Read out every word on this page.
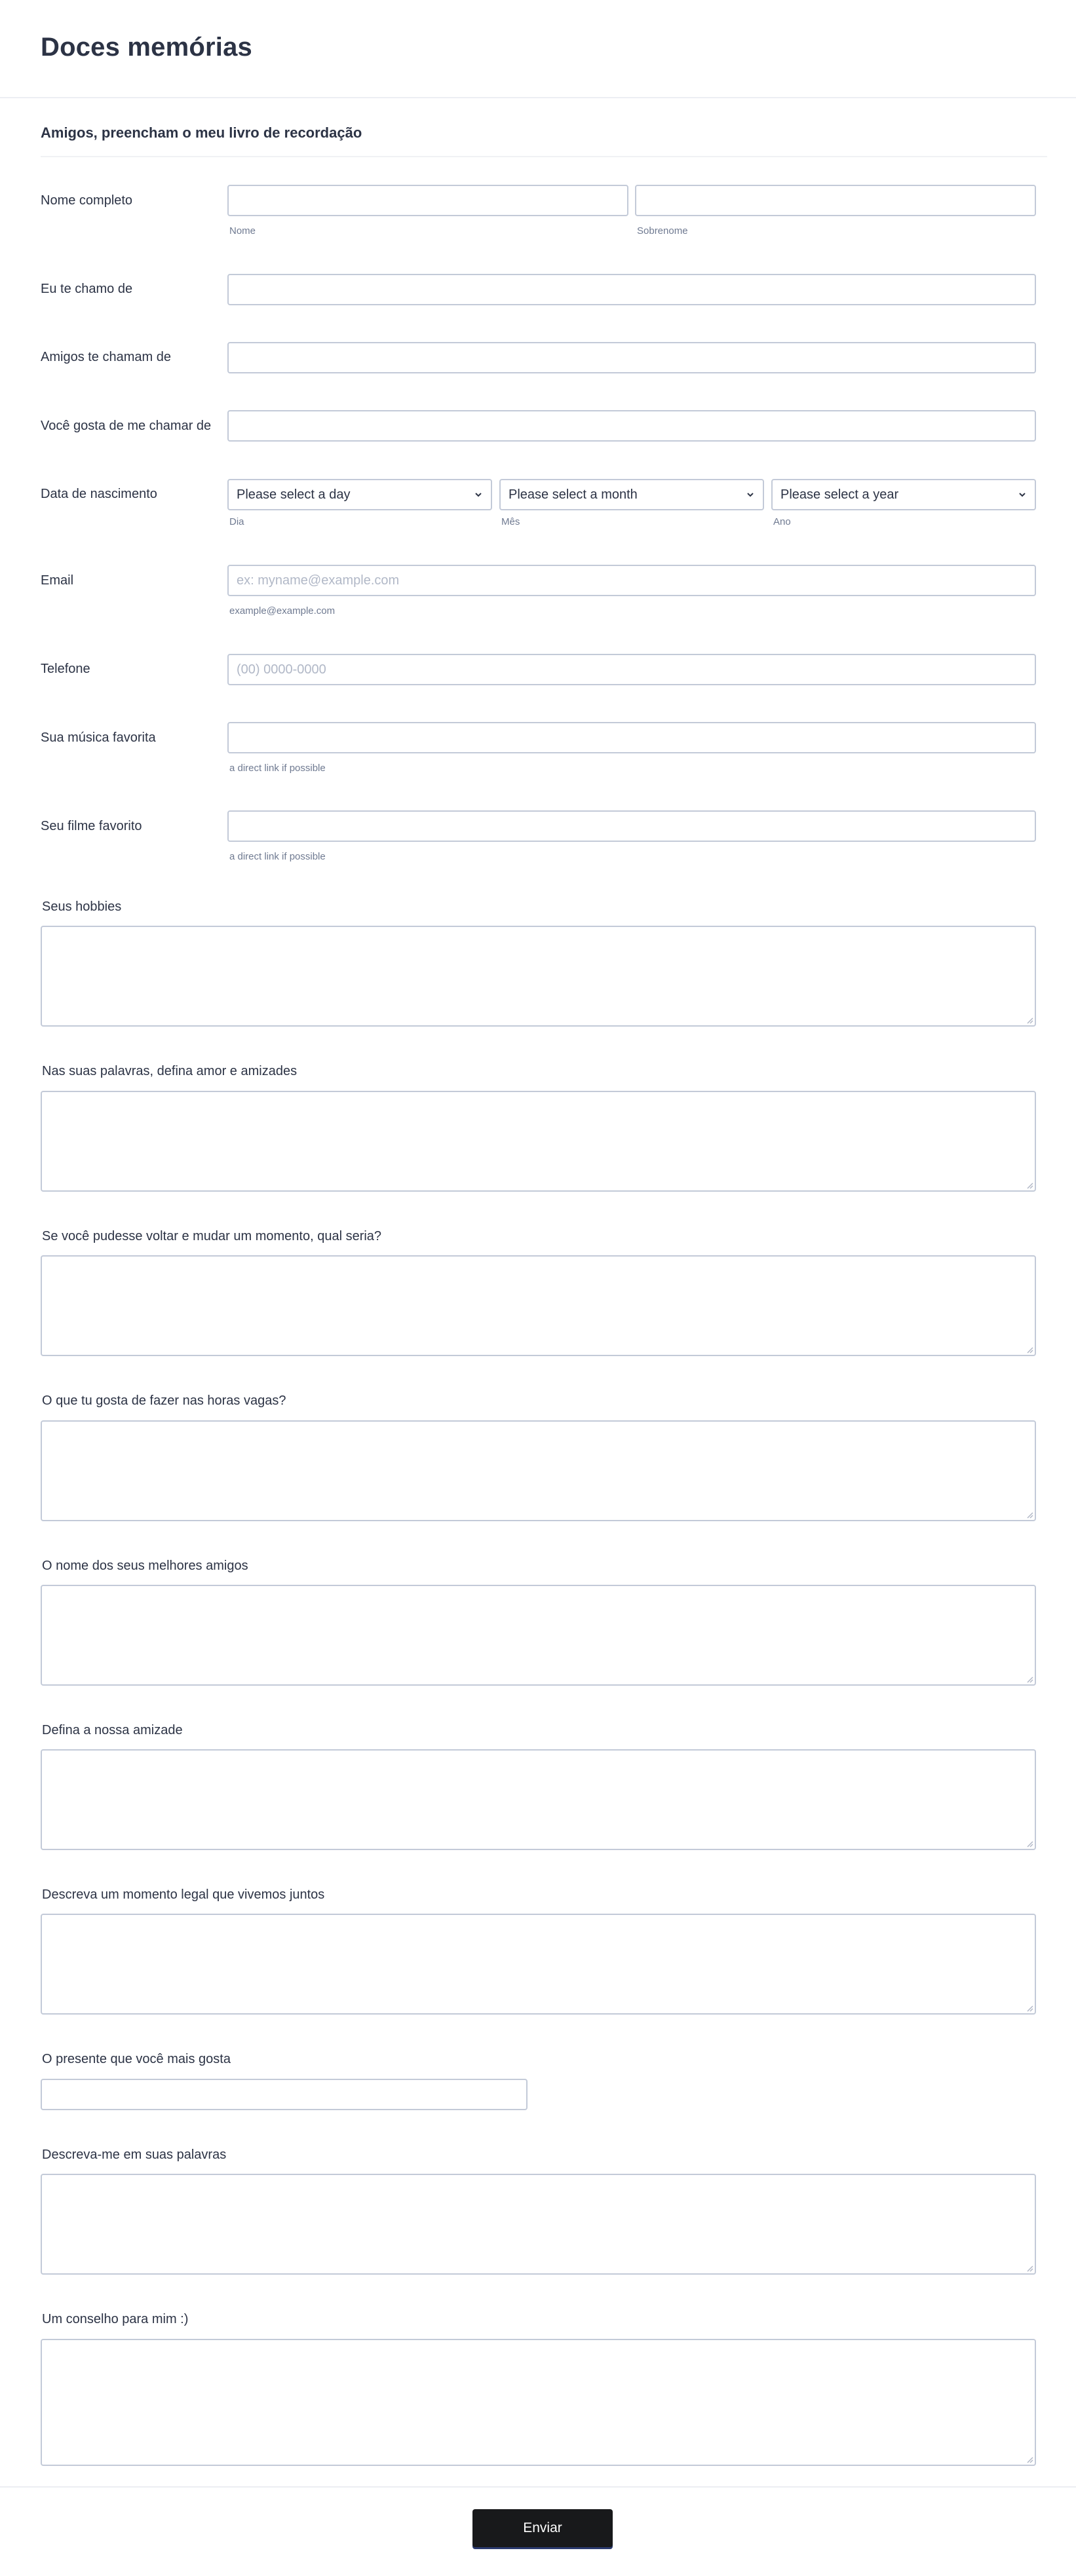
Doces memórias
Amigos, preencham o meu livro de recordação
Nome completo
Nome	Sobrenome
Eu te chamo de
Amigos te chamam de
Você gosta de me chamar de
Data de nascimento	Please select a day
Dia
Please select a month
Mês
Please select a year
Ano
Email
ex: myname@example.com
example@example.com
Telefone
(00) 0000-0000
Sua música favorita
a direct link if possible
Seu filme favorito
a direct link if possible
Seus hobbies
Nas suas palavras, defina amor e amizades
Se você pudesse voltar e mudar um momento, qual seria?
O que tu gosta de fazer nas horas vagas?
O nome dos seus melhores amigos
Defina a nossa amizade
Descreva um momento legal que vivemos juntos
O presente que você mais gosta
Descreva-me em suas palavras
Um conselho para mim :)
Enviar
